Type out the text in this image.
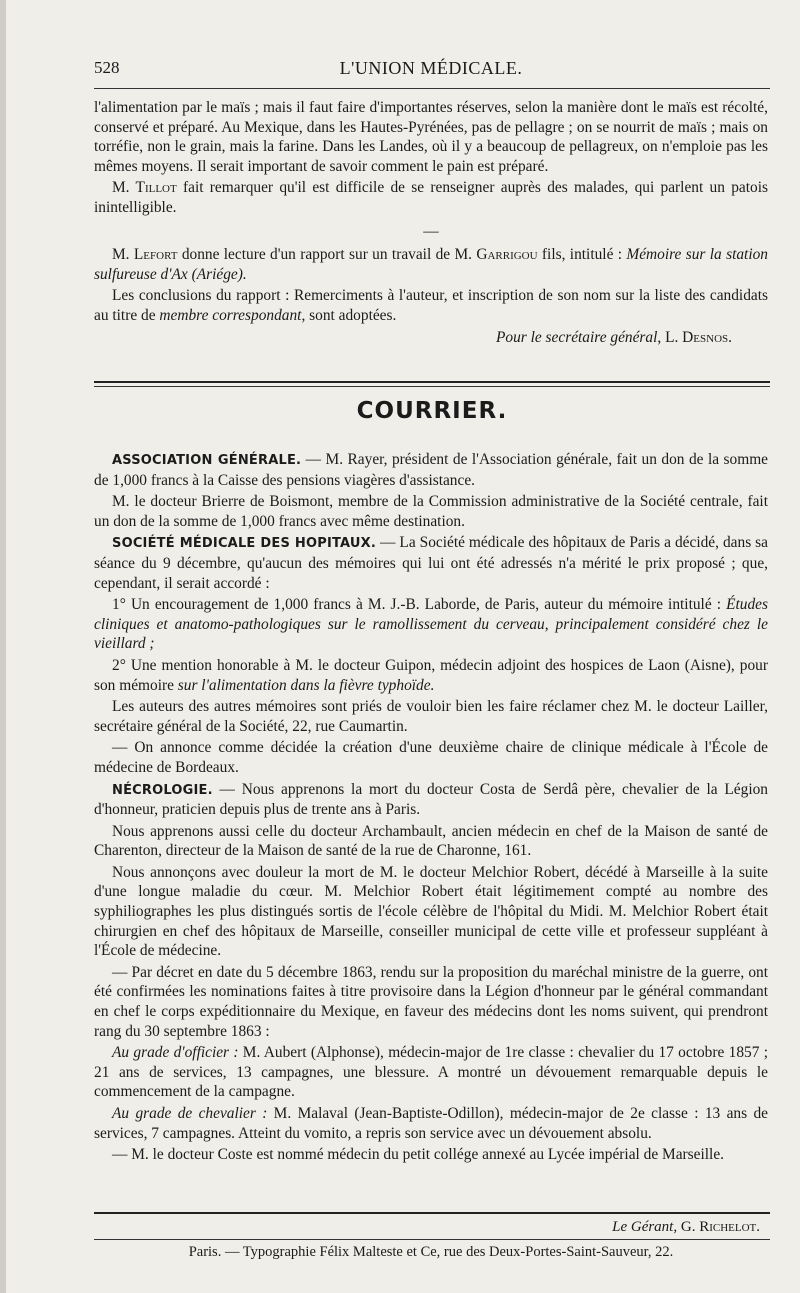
528	L'UNION MÉDICALE.

l'alimentation par le maïs ; mais il faut faire d'importantes réserves, selon la manière dont le maïs est récolté, conservé et préparé. Au Mexique, dans les Hautes-Pyrénées, pas de pellagre ; on se nourrit de maïs ; mais on torréfie, non le grain, mais la farine. Dans les Landes, où il y a beaucoup de pellagreux, on n'emploie pas les mêmes moyens. Il serait important de savoir comment le pain est préparé.

M. Tillot fait remarquer qu'il est difficile de se renseigner auprès des malades, qui parlent un patois inintelligible.

—

M. Lefort donne lecture d'un rapport sur un travail de M. Garrigou fils, intitulé : Mémoire sur la station sulfureuse d'Ax (Ariége).

Les conclusions du rapport : Remerciments à l'auteur, et inscription de son nom sur la liste des candidats au titre de membre correspondant, sont adoptées.

Pour le secrétaire général, L. Desnos.

COURRIER.

ASSOCIATION GÉNÉRALE. — M. Rayer, président de l'Association générale, fait un don de la somme de 1,000 francs à la Caisse des pensions viagères d'assistance.

M. le docteur Brierre de Boismont, membre de la Commission administrative de la Société centrale, fait un don de la somme de 1,000 francs avec même destination.

SOCIÉTÉ MÉDICALE DES HOPITAUX. — La Société médicale des hôpitaux de Paris a décidé, dans sa séance du 9 décembre, qu'aucun des mémoires qui lui ont été adressés n'a mérité le prix proposé ; que, cependant, il serait accordé :

1° Un encouragement de 1,000 francs à M. J.-B. Laborde, de Paris, auteur du mémoire intitulé : Études cliniques et anatomo-pathologiques sur le ramollissement du cerveau, principalement considéré chez le vieillard ;

2° Une mention honorable à M. le docteur Guipon, médecin adjoint des hospices de Laon (Aisne), pour son mémoire sur l'alimentation dans la fièvre typhoïde.

Les auteurs des autres mémoires sont priés de vouloir bien les faire réclamer chez M. le docteur Lailler, secrétaire général de la Société, 22, rue Caumartin.

— On annonce comme décidée la création d'une deuxième chaire de clinique médicale à l'École de médecine de Bordeaux.

NÉCROLOGIE. — Nous apprenons la mort du docteur Costa de Serdâ père, chevalier de la Légion d'honneur, praticien depuis plus de trente ans à Paris.

Nous apprenons aussi celle du docteur Archambault, ancien médecin en chef de la Maison de santé de Charenton, directeur de la Maison de santé de la rue de Charonne, 161.

Nous annonçons avec douleur la mort de M. le docteur Melchior Robert, décédé à Marseille à la suite d'une longue maladie du cœur. M. Melchior Robert était légitimement compté au nombre des syphiliographes les plus distingués sortis de l'école célèbre de l'hôpital du Midi. M. Melchior Robert était chirurgien en chef des hôpitaux de Marseille, conseiller municipal de cette ville et professeur suppléant à l'École de médecine.

— Par décret en date du 5 décembre 1863, rendu sur la proposition du maréchal ministre de la guerre, ont été confirmées les nominations faites à titre provisoire dans la Légion d'honneur par le général commandant en chef le corps expéditionnaire du Mexique, en faveur des médecins dont les noms suivent, qui prendront rang du 30 septembre 1863 :

Au grade d'officier : M. Aubert (Alphonse), médecin-major de 1re classe : chevalier du 17 octobre 1857 ; 21 ans de services, 13 campagnes, une blessure. A montré un dévouement remarquable depuis le commencement de la campagne.

Au grade de chevalier : M. Malaval (Jean-Baptiste-Odillon), médecin-major de 2e classe : 13 ans de services, 7 campagnes. Atteint du vomito, a repris son service avec un dévouement absolu.

— M. le docteur Coste est nommé médecin du petit collége annexé au Lycée impérial de Marseille.

Le Gérant, G. Richelot.
Paris. — Typographie Félix Malteste et Ce, rue des Deux-Portes-Saint-Sauveur, 22.
